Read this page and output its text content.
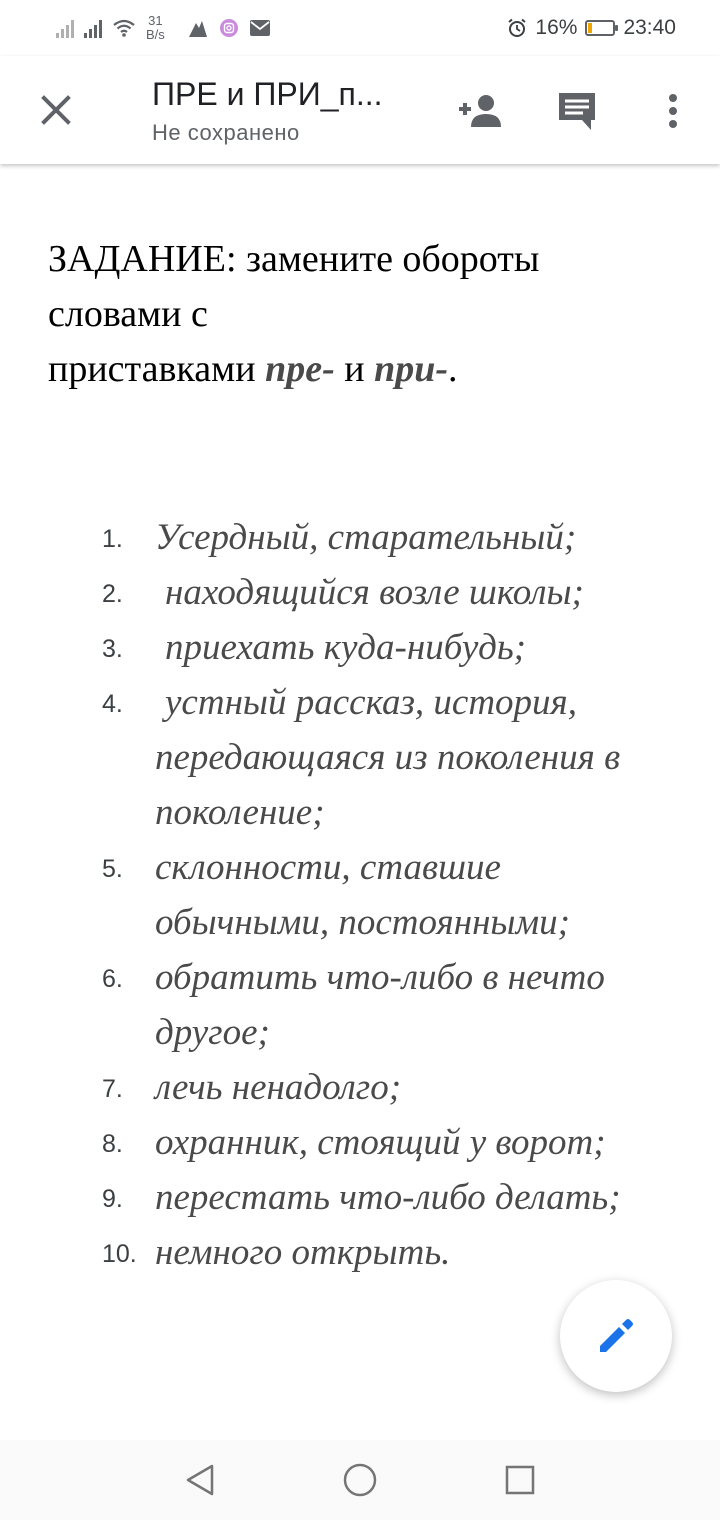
31
B/s	16% 23:40
ПРЕ и ПРИ_п...
Не сохранено
ЗАДАНИЕ: замените обороты
словами с
приставками пре- и при-.
1. Усердный, старательный;
2. находящийся возле школы;
3. приехать куда-нибудь;
4. устный рассказ, история, передающаяся из поколения в поколение;
5. склонности, ставшие обычными, постоянными;
6. обратить что-либо в нечто другое;
7. лечь ненадолго;
8. охранник, стоящий у ворот;
9. перестать что-либо делать;
10. немного открыть.
